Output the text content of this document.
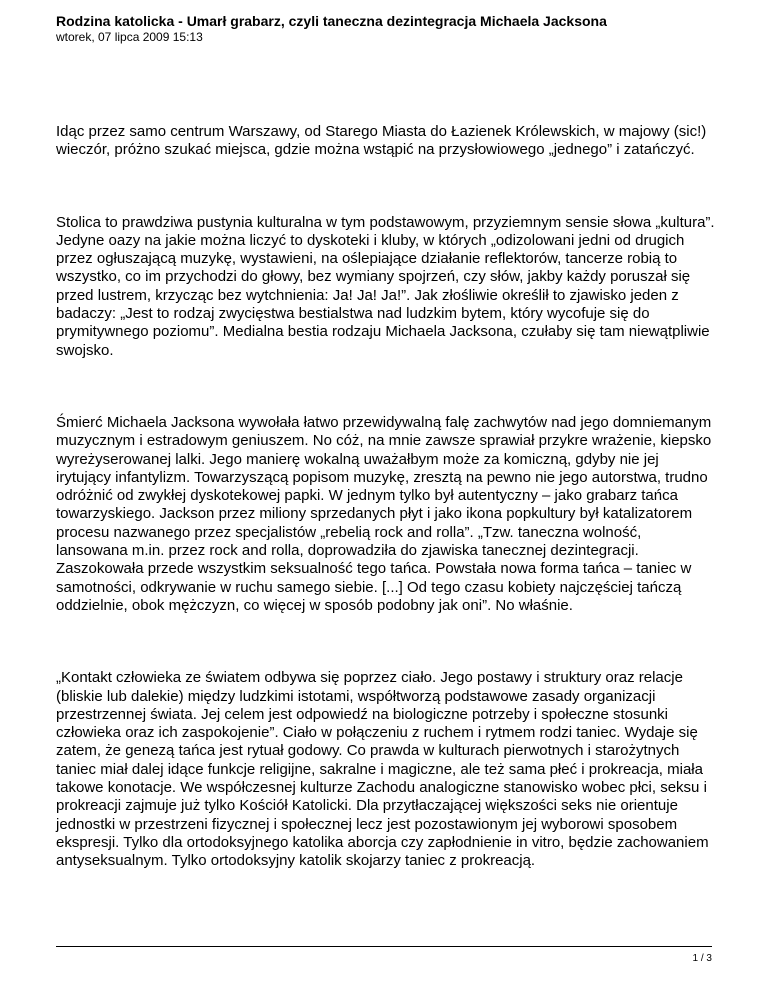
Rodzina katolicka - Umarł grabarz, czyli taneczna dezintegracja Michaela Jacksona
wtorek, 07 lipca 2009 15:13

Idąc przez samo centrum Warszawy, od Starego Miasta do Łazienek Królewskich, w majowy (sic!) wieczór, próżno szukać miejsca, gdzie można wstąpić na przysłowiowego „jednego” i zatańczyć.

Stolica to prawdziwa pustynia kulturalna w tym podstawowym, przyziemnym sensie słowa „kultura”. Jedyne oazy na jakie można liczyć to dyskoteki i kluby, w których „odizolowani jedni od drugich przez ogłuszającą muzykę, wystawieni, na oślepiające działanie reflektorów, tancerze robią to wszystko, co im przychodzi do głowy, bez wymiany spojrzeń, czy słów, jakby każdy poruszał się przed lustrem, krzycząc bez wytchnienia: Ja! Ja! Ja!”. Jak złośliwie określił to zjawisko jeden z badaczy: „Jest to rodzaj zwycięstwa bestialstwa nad ludzkim bytem, który wycofuje się do prymitywnego poziomu”. Medialna bestia rodzaju Michaela Jacksona, czułaby się tam niewątpliwie swojsko.

Śmierć Michaela Jacksona wywołała łatwo przewidywalną falę zachwytów nad jego domniemanym muzycznym i estradowym geniuszem. No cóż, na mnie zawsze sprawiał przykre wrażenie, kiepsko wyreżyserowanej lalki. Jego manierę wokalną uważałbym może za komiczną, gdyby nie jej irytujący infantylizm. Towarzyszącą popisom muzykę, zresztą na pewno nie jego autorstwa, trudno odróżnić od zwykłej dyskotekowej papki. W jednym tylko był autentyczny – jako grabarz tańca towarzyskiego. Jackson przez miliony sprzedanych płyt i jako ikona popkultury był katalizatorem procesu nazwanego przez specjalistów „rebelią rock and rolla”. „Tzw. taneczna wolność, lansowana m.in. przez rock and rolla, doprowadziła do zjawiska tanecznej dezintegracji. Zaszokowała przede wszystkim seksualność tego tańca. Powstała nowa forma tańca – taniec w samotności, odkrywanie w ruchu samego siebie. [...] Od tego czasu kobiety najczęściej tańczą oddzielnie, obok mężczyzn, co więcej w sposób podobny jak oni”. No właśnie.

„Kontakt człowieka ze światem odbywa się poprzez ciało. Jego postawy i struktury oraz relacje (bliskie lub dalekie) między ludzkimi istotami, współtworzą podstawowe zasady organizacji przestrzennej świata. Jej celem jest odpowiedź na biologiczne potrzeby i społeczne stosunki człowieka oraz ich zaspokojenie”. Ciało w połączeniu z ruchem i rytmem rodzi taniec. Wydaje się zatem, że genezą tańca jest rytuał godowy. Co prawda w kulturach pierwotnych i starożytnych taniec miał dalej idące funkcje religijne, sakralne i magiczne, ale też sama płeć i prokreacja, miała takowe konotacje. We współczesnej kulturze Zachodu analogiczne stanowisko wobec płci, seksu i prokreacji zajmuje już tylko Kościół Katolicki. Dla przytłaczającej większości seks nie orientuje jednostki w przestrzeni fizycznej i społecznej lecz jest pozostawionym jej wyborowi sposobem ekspresji. Tylko dla ortodoksyjnego katolika aborcja czy zapłodnienie in vitro, będzie zachowaniem antyseksualnym. Tylko ortodoksyjny katolik skojarzy taniec z prokreacją.

1 / 3
